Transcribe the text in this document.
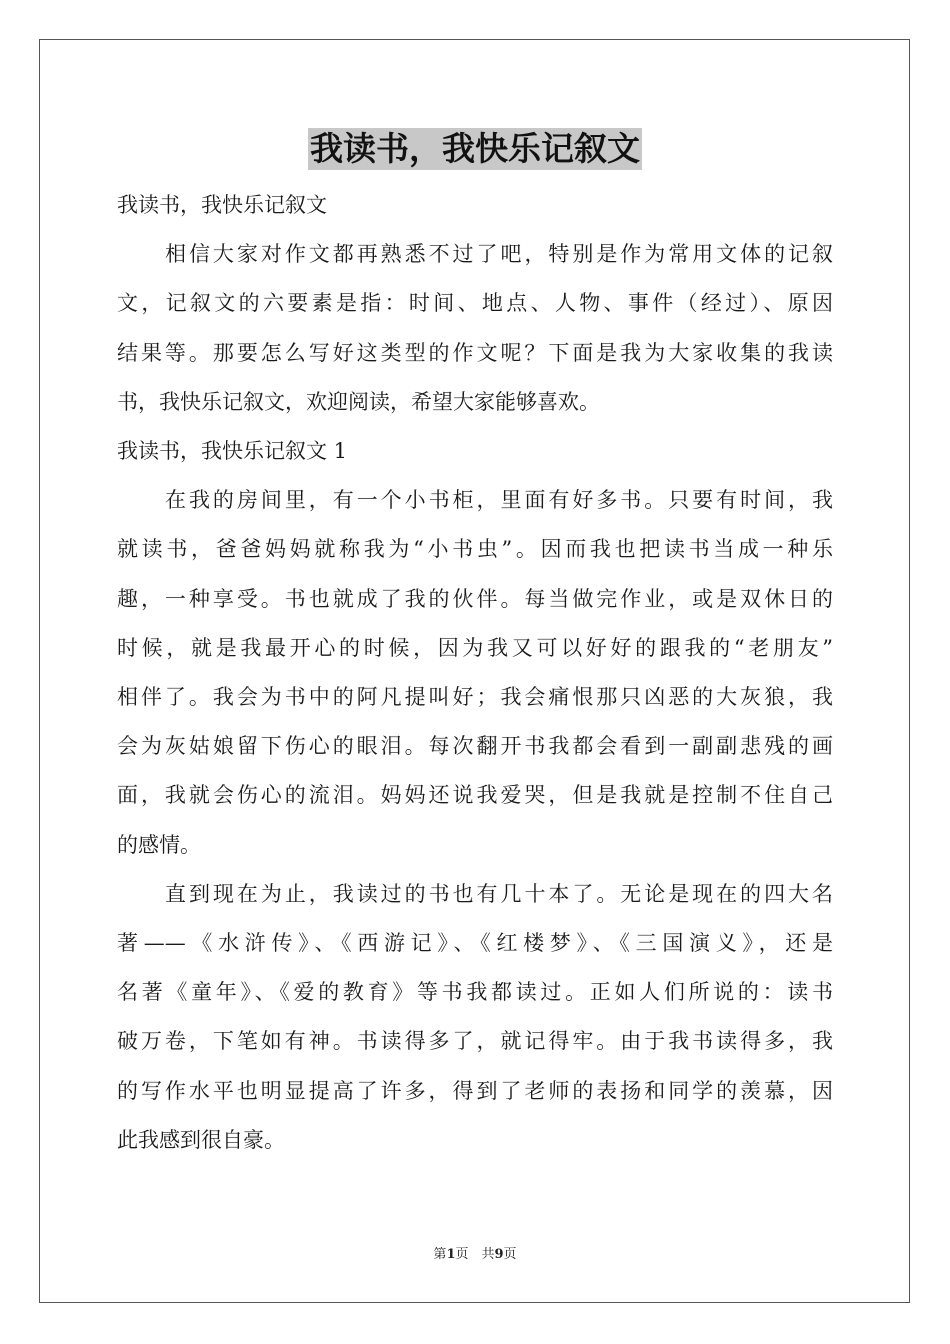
我读书，我快乐记叙文
我读书，我快乐记叙文
相信大家对作文都再熟悉不过了吧，特别是作为常用文体的记叙
文，记叙文的六要素是指：时间、地点、人物、事件（经过）、原因
结果等。那要怎么写好这类型的作文呢？下面是我为大家收集的我读
书，我快乐记叙文，欢迎阅读，希望大家能够喜欢。
我读书，我快乐记叙文 1
在我的房间里，有一个小书柜，里面有好多书。只要有时间，我
就读书，爸爸妈妈就称我为“小书虫”。因而我也把读书当成一种乐
趣，一种享受。书也就成了我的伙伴。每当做完作业，或是双休日的
时候，就是我最开心的时候，因为我又可以好好的跟我的“老朋友”
相伴了。我会为书中的阿凡提叫好；我会痛恨那只凶恶的大灰狼，我
会为灰姑娘留下伤心的眼泪。每次翻开书我都会看到一副副悲残的画
面，我就会伤心的流泪。妈妈还说我爱哭，但是我就是控制不住自己
的感情。
直到现在为止，我读过的书也有几十本了。无论是现在的四大名
著——《水浒传》、《西游记》、《红楼梦》、《三国演义》，还是
名著《童年》、《爱的教育》等书我都读过。正如人们所说的：读书
破万卷，下笔如有神。书读得多了，就记得牢。由于我书读得多，我
的写作水平也明显提高了许多，得到了老师的表扬和同学的羡慕，因
此我感到很自豪。
第1页　共9页
